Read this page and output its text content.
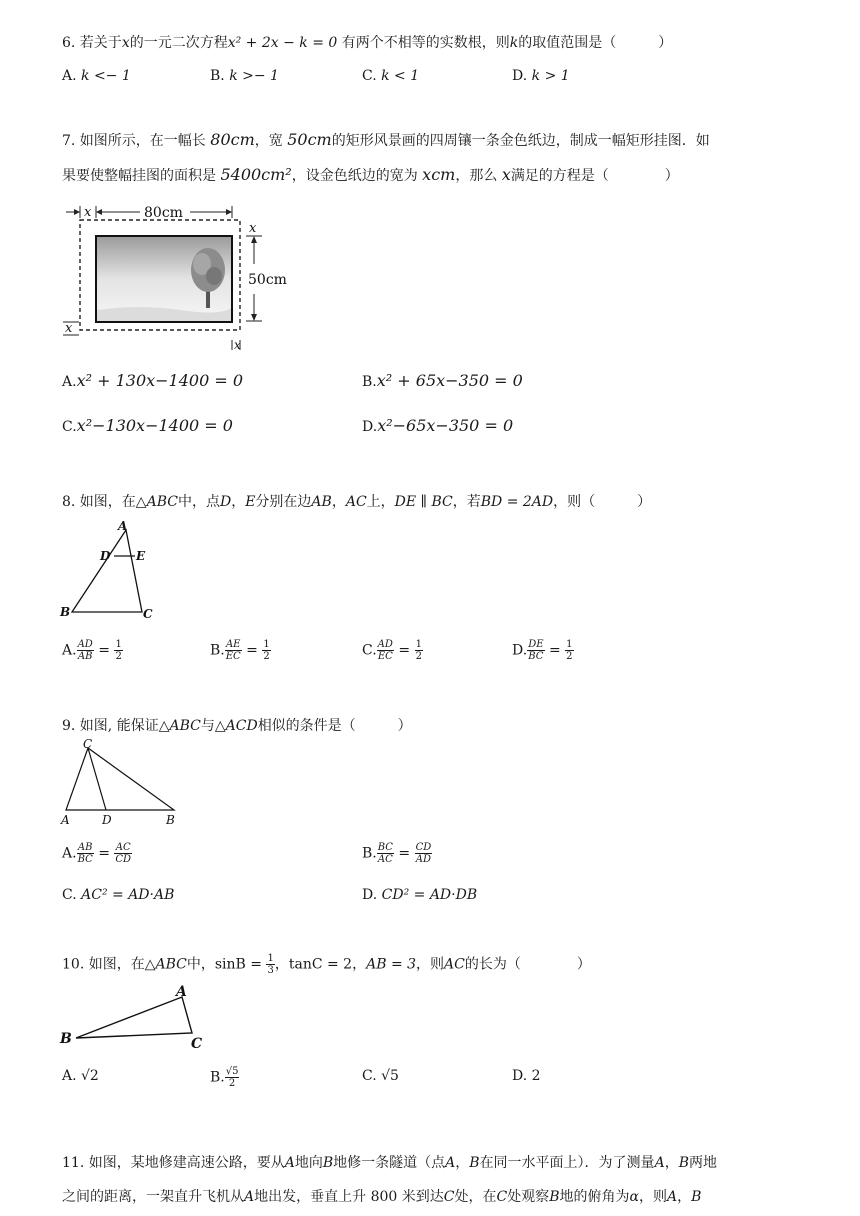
6. 若关于x的一元二次方程x² + 2x − k = 0 有两个不相等的实数根，则k的取值范围是（　　　）
A. k <− 1	B. k >− 1	C. k < 1	D. k > 1
7. 如图所示，在一幅长 80cm，宽 50cm的矩形风景画的四周镶一条金色纸边，制成一幅矩形挂图．如
果要使整幅挂图的面积是 5400cm²，设金色纸边的宽为 xcm，那么 x满足的方程是（　　　　）
x	80cm
x
50cm
x
x
A.x² + 130x−1400 = 0	B.x² + 65x−350 = 0
C.x²−130x−1400 = 0	D.x²−65x−350 = 0
8. 如图，在△ABC中，点D，E分别在边AB，AC上，DE ∥ BC，若BD = 2AD，则（　　　）
A
D E
B	C
A. $\frac{AD}{AB} = \frac{1}{2}$	B. $\frac{AE}{EC} = \frac{1}{2}$	C. $\frac{AD}{EC} = \frac{1}{2}$	D. $\frac{DE}{BC} = \frac{1}{2}$
9. 如图, 能保证△ABC与△ACD相似的条件是（　　　）
C
A	D	B
A. $\frac{AB}{BC} = \frac{AC}{CD}$	B. $\frac{BC}{AC} = \frac{CD}{AD}$
C. AC² = AD·AB	D. CD² = AD·DB
10. 如图，在△ABC中，$\sin B = \frac{1}{3}$ ，tanC = 2，AB = 3，则AC的长为（　　　　）
A
B	C
A. √2	B. $\frac{√5}{2}$	C. √5	D. 2
11. 如图，某地修建高速公路，要从A地向B地修一条隧道（点A，B在同一水平面上）．为了测量A，B两地
之间的距离，一架直升飞机从A地出发，垂直上升 800 米到达C处，在C处观察B地的俯角为α，则A，B
